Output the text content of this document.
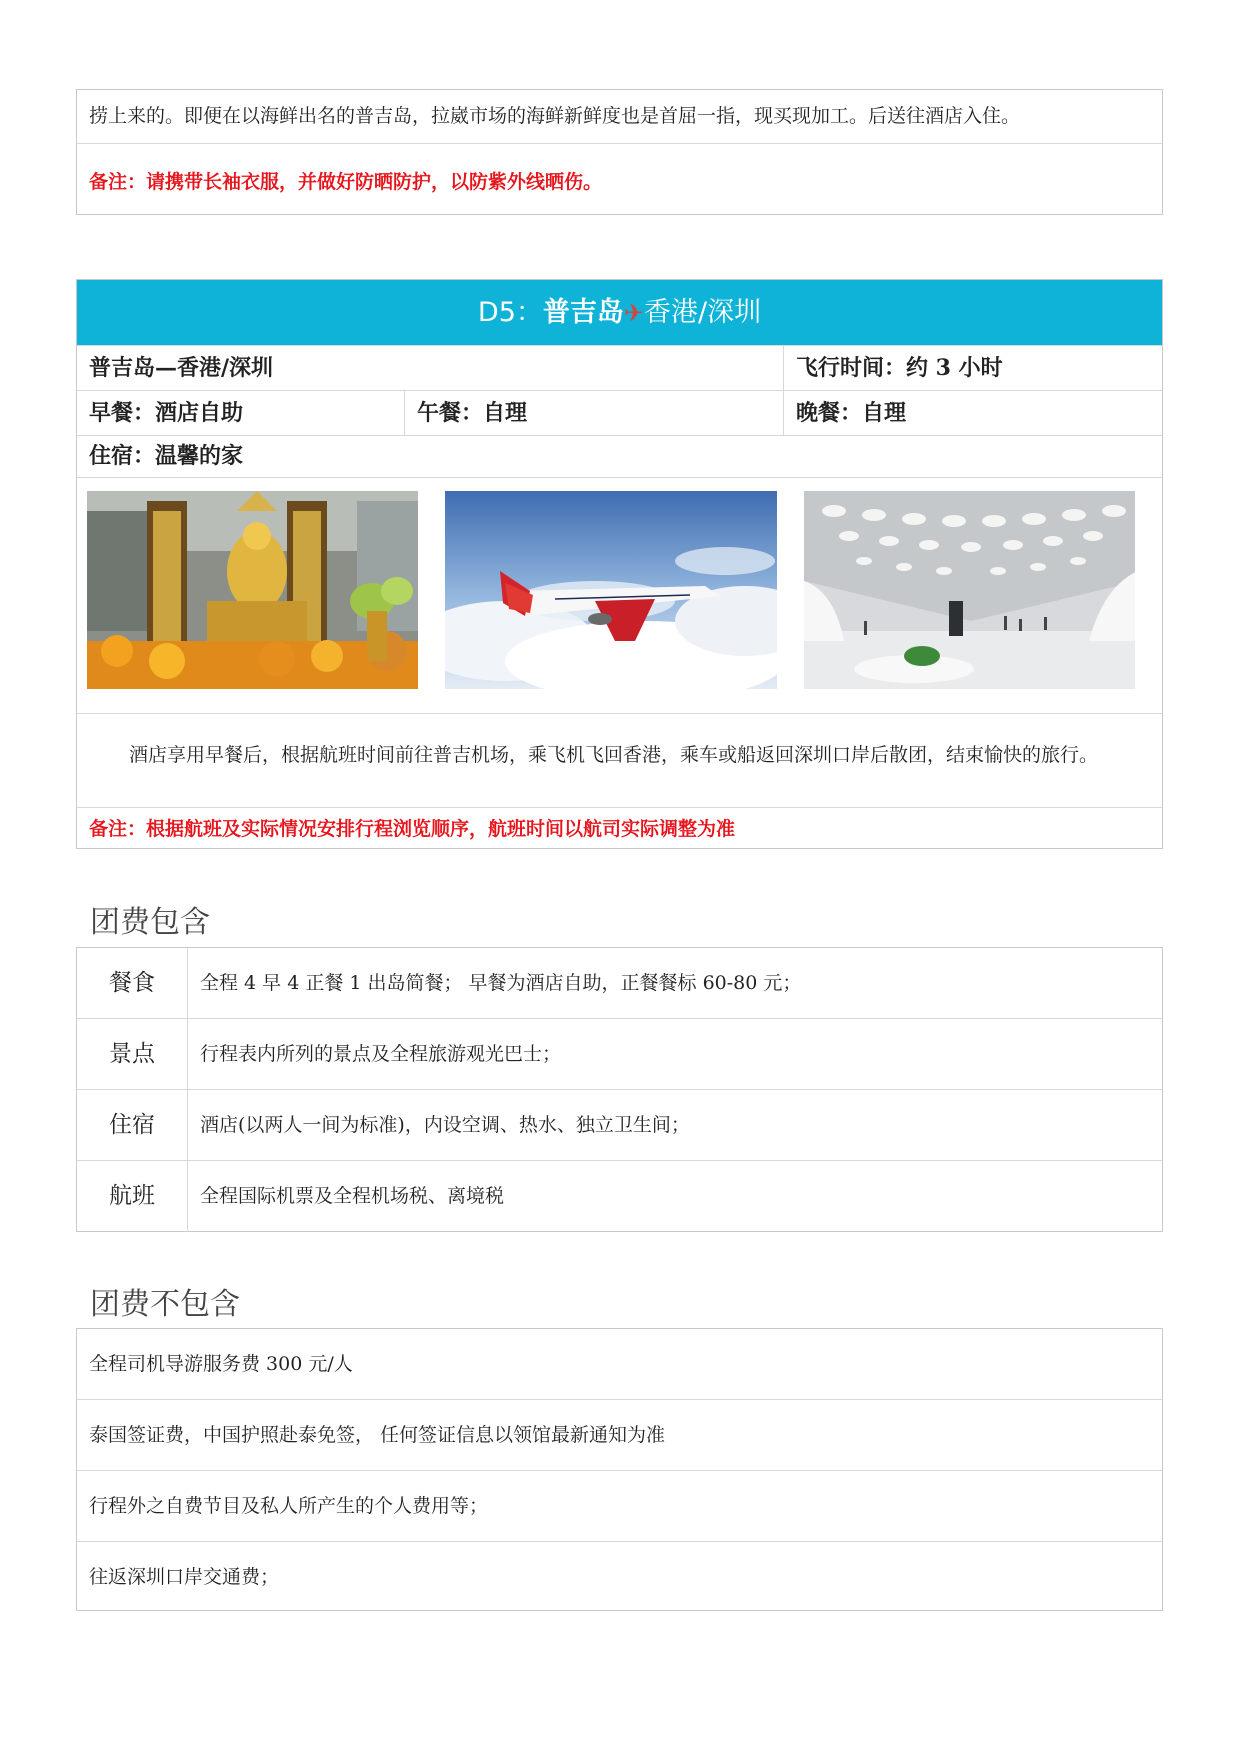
捞上来的。即便在以海鲜出名的普吉岛，拉崴市场的海鲜新鲜度也是首屈一指，现买现加工。后送往酒店入住。
备注：请携带长袖衣服，并做好防晒防护，以防紫外线晒伤。
D5：普吉岛✈香港/深圳
普吉岛—香港/深圳	飞行时间：约 3 小时
早餐：酒店自助	午餐：自理	晚餐：自理
住宿：温馨的家
酒店享用早餐后，根据航班时间前往普吉机场，乘飞机飞回香港，乘车或船返回深圳口岸后散团，结束愉快的旅行。
备注：根据航班及实际情况安排行程浏览顺序，航班时间以航司实际调整为准
团费包含
餐食	全程 4 早 4 正餐 1 出岛简餐； 早餐为酒店自助，正餐餐标 60-80 元；
景点	行程表内所列的景点及全程旅游观光巴士；
住宿	酒店(以两人一间为标准)，内设空调、热水、独立卫生间；
航班	全程国际机票及全程机场税、离境税
团费不包含
全程司机导游服务费 300 元/人
泰国签证费，中国护照赴泰免签， 任何签证信息以领馆最新通知为准
行程外之自费节目及私人所产生的个人费用等；
往返深圳口岸交通费；
